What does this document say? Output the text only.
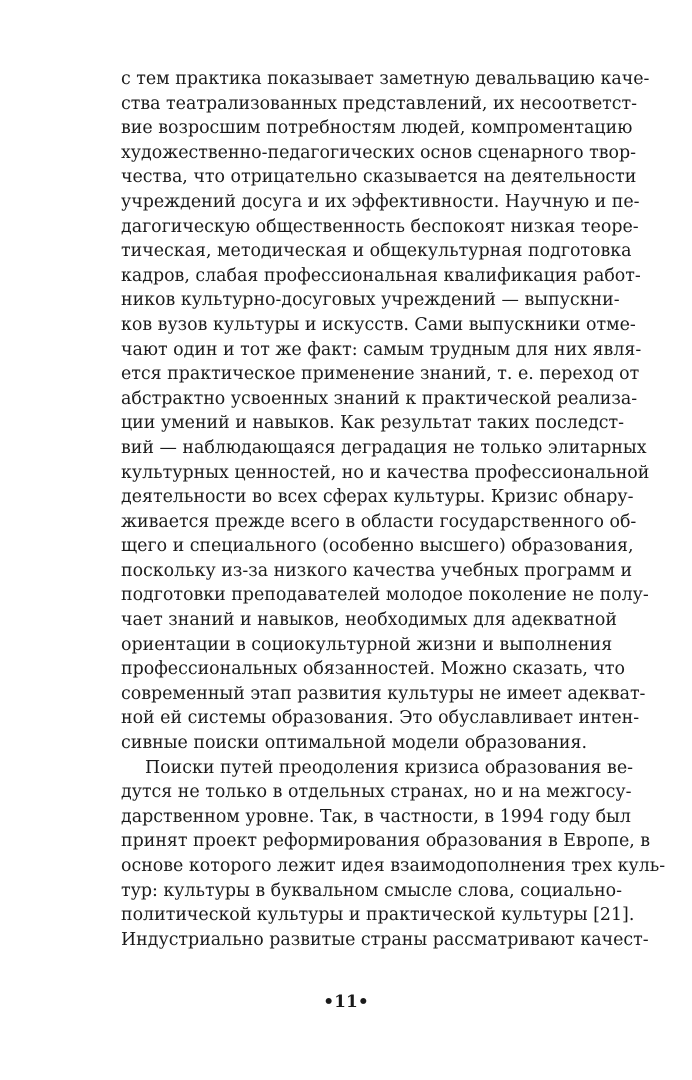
с тем практика показывает заметную девальвацию каче-
ства театрализованных представлений, их несоответст-
вие возросшим потребностям людей, компроментацию
художественно-педагогических основ сценарного твор-
чества, что отрицательно сказывается на деятельности
учреждений досуга и их эффективности. Научную и пе-
дагогическую общественность беспокоят низкая теоре-
тическая, методическая и общекультурная подготовка
кадров, слабая профессиональная квалификация работ-
ников культурно-досуговых учреждений — выпускни-
ков вузов культуры и искусств. Сами выпускники отме-
чают один и тот же факт: самым трудным для них явля-
ется практическое применение знаний, т. е. переход от
абстрактно усвоенных знаний к практической реализа-
ции умений и навыков. Как результат таких последст-
вий — наблюдающаяся деградация не только элитарных
культурных ценностей, но и качества профессиональной
деятельности во всех сферах культуры. Кризис обнару-
живается прежде всего в области государственного об-
щего и специального (особенно высшего) образования,
поскольку из-за низкого качества учебных программ и
подготовки преподавателей молодое поколение не полу-
чает знаний и навыков, необходимых для адекватной
ориентации в социокультурной жизни и выполнения
профессиональных обязанностей. Можно сказать, что
современный этап развития культуры не имеет адекват-
ной ей системы образования. Это обуславливает интен-
сивные поиски оптимальной модели образования.
Поиски путей преодоления кризиса образования ве-
дутся не только в отдельных странах, но и на межгосу-
дарственном уровне. Так, в частности, в 1994 году был
принят проект реформирования образования в Европе, в
основе которого лежит идея взаимодополнения трех куль-
тур: культуры в буквальном смысле слова, социально-
политической культуры и практической культуры [21].
Индустриально развитые страны рассматривают качест-
•11•
